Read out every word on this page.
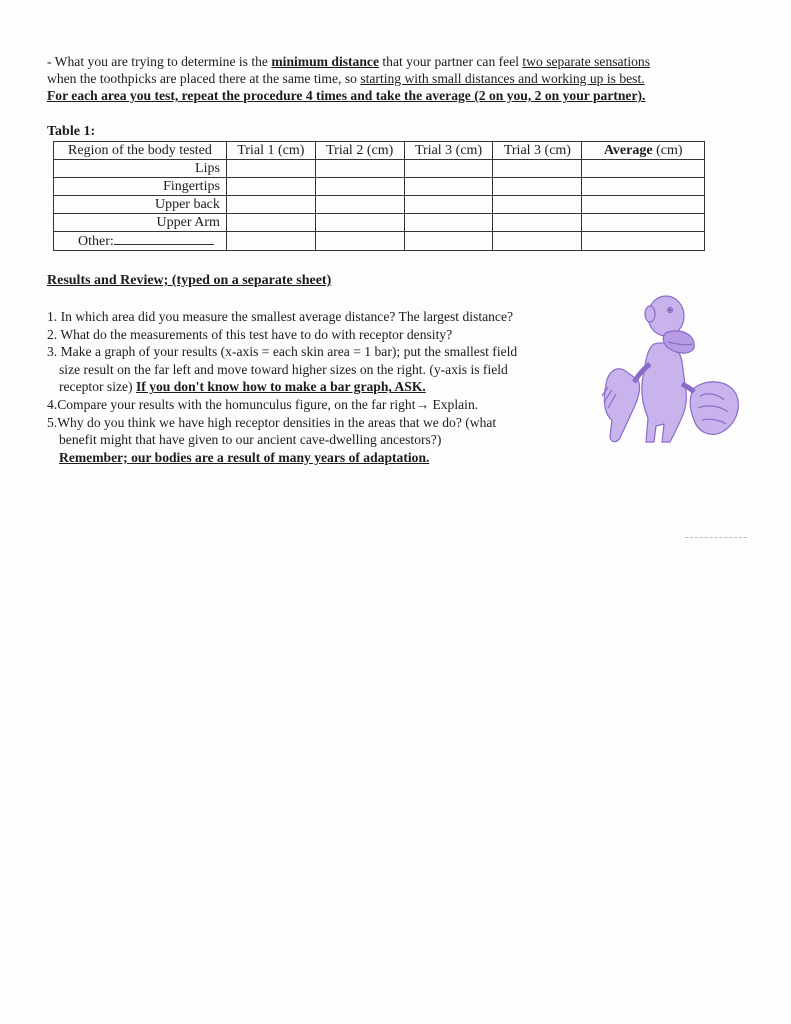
- What you are trying to determine is the minimum distance that your partner can feel two separate sensations

when the toothpicks are placed there at the same time, so starting with small distances and working up is best.

For each area you test, repeat the procedure 4 times and take the average (2 on you, 2 on your partner).

Table 1:
Region of the body tested	Trial 1 (cm)	Trial 2 (cm)	Trial 3 (cm)	Trial 3 (cm)	Average (cm)
Lips					
Fingertips					
Upper back					
Upper Arm					
Other:					
Results and Review; (typed on a separate sheet)

1. In which area did you measure the smallest average distance? The largest distance?

2. What do the measurements of this test have to do with receptor density?

3. Make a graph of your results (x-axis = each skin area = 1 bar); put the smallest field

size result on the far left and move toward higher sizes on the right. (y-axis is field

receptor size) If you don't know how to make a bar graph, ASK.

4.Compare your results with the homunculus figure, on the far right→ Explain.

5.Why do you think we have high receptor densities in the areas that we do? (what

benefit might that have given to our ancient cave-dwelling ancestors?)

Remember; our bodies are a result of many years of adaptation.
